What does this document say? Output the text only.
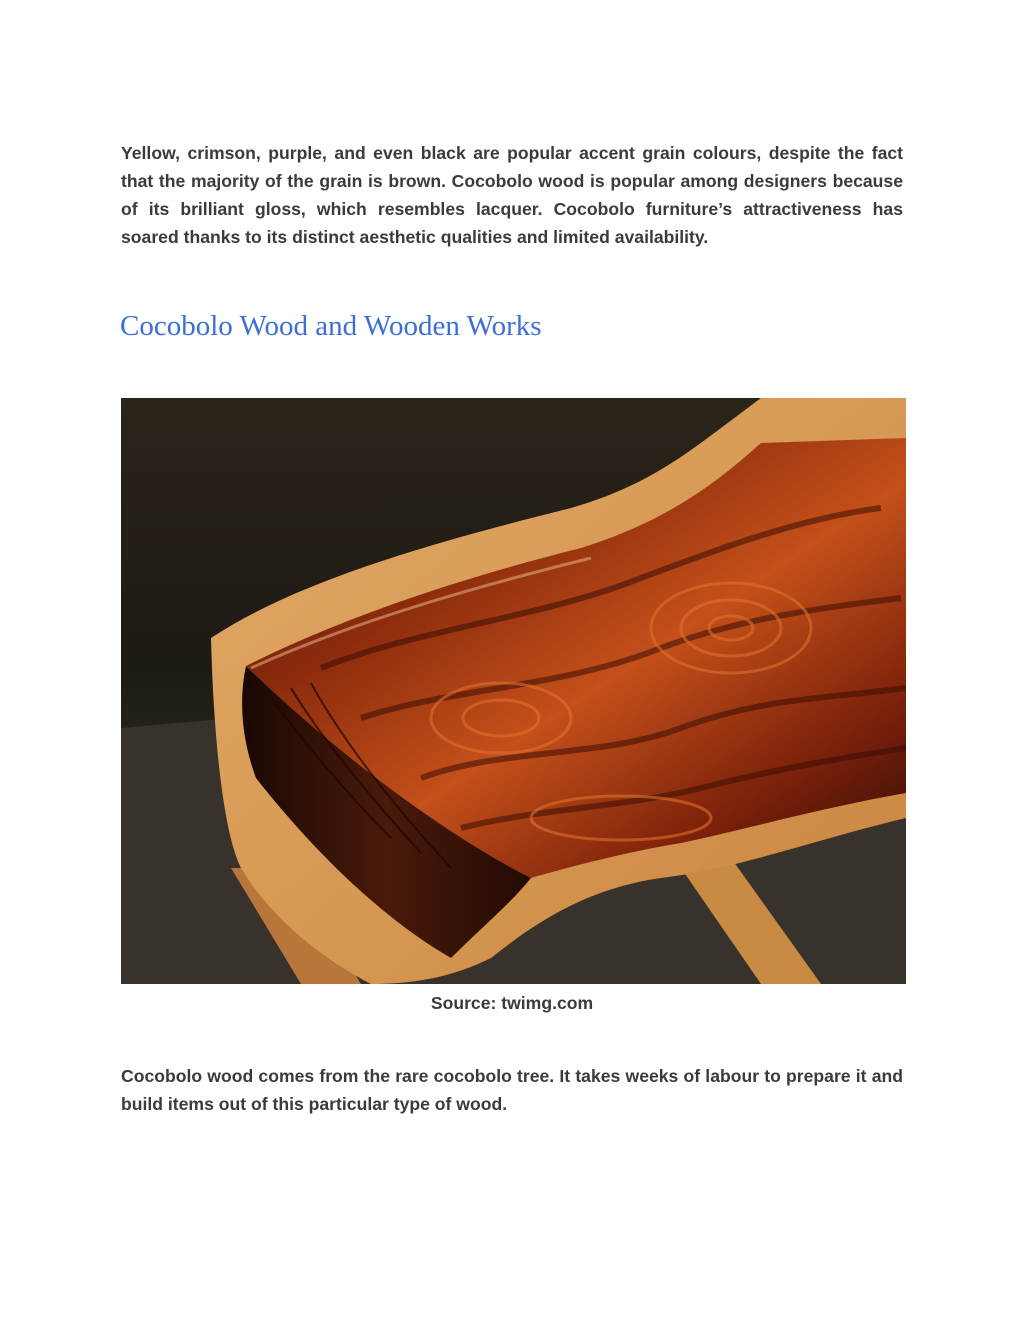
Yellow, crimson, purple, and even black are popular accent grain colours, despite the fact that the majority of the grain is brown. Cocobolo wood is popular among designers because of its brilliant gloss, which resembles lacquer. Cocobolo furniture’s attractiveness has soared thanks to its distinct aesthetic qualities and limited availability.

Cocobolo Wood and Wooden Works

Source: twimg.com

Cocobolo wood comes from the rare cocobolo tree. It takes weeks of labour to prepare it and build items out of this particular type of wood.
